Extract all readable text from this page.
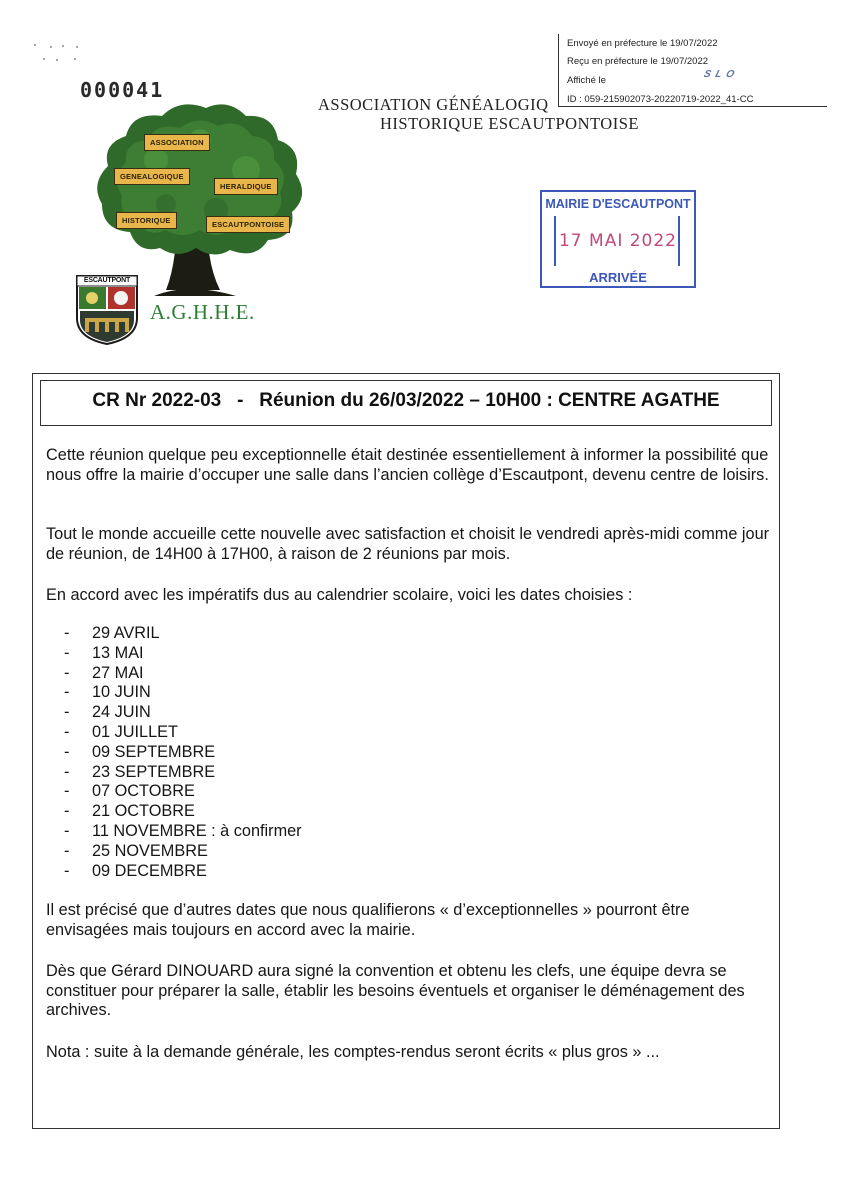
Envoyé en préfecture le 19/07/2022
Reçu en préfecture le 19/07/2022
Affiché le
S L O
ID : 059-215902073-20220719-2022_41-CC
000041
ASSOCIATION GÉNÉALOGIQ
HISTORIQUE ESCAUTPONTOISE
ASSOCIATION
GENEALOGIQUE
HERALDIQUE
HISTORIQUE	ESCAUTPONTOISE
ESCAUTPONT
A.G.H.H.E.
MAIRIE D'ESCAUTPONT
17 MAI 2022
ARRIVÉE
CR Nr 2022-03   -   Réunion du 26/03/2022 – 10H00 : CENTRE AGATHE
Cette réunion quelque peu exceptionnelle était destinée essentiellement à informer la possibilité que nous offre la mairie d’occuper une salle dans l’ancien collège d’Escautpont, devenu centre de loisirs.
Tout le monde accueille cette nouvelle avec satisfaction et choisit le vendredi après-midi comme jour de réunion, de 14H00 à 17H00, à raison de 2 réunions par mois.
En accord avec les impératifs dus au calendrier scolaire, voici les dates choisies :
- 29 AVRIL
- 13 MAI
- 27 MAI
- 10 JUIN
- 24 JUIN
- 01 JUILLET
- 09 SEPTEMBRE
- 23 SEPTEMBRE
- 07 OCTOBRE
- 21 OCTOBRE
- 11 NOVEMBRE : à confirmer
- 25 NOVEMBRE
- 09 DECEMBRE
Il est précisé que d’autres dates que nous qualifierons « d’exceptionnelles » pourront être envisagées mais toujours en accord avec la mairie.
Dès que Gérard DINOUARD aura signé la convention et obtenu les clefs, une équipe devra se constituer pour préparer la salle, établir les besoins éventuels et organiser le déménagement des archives.
Nota : suite à la demande générale, les comptes-rendus seront écrits « plus gros » ...
